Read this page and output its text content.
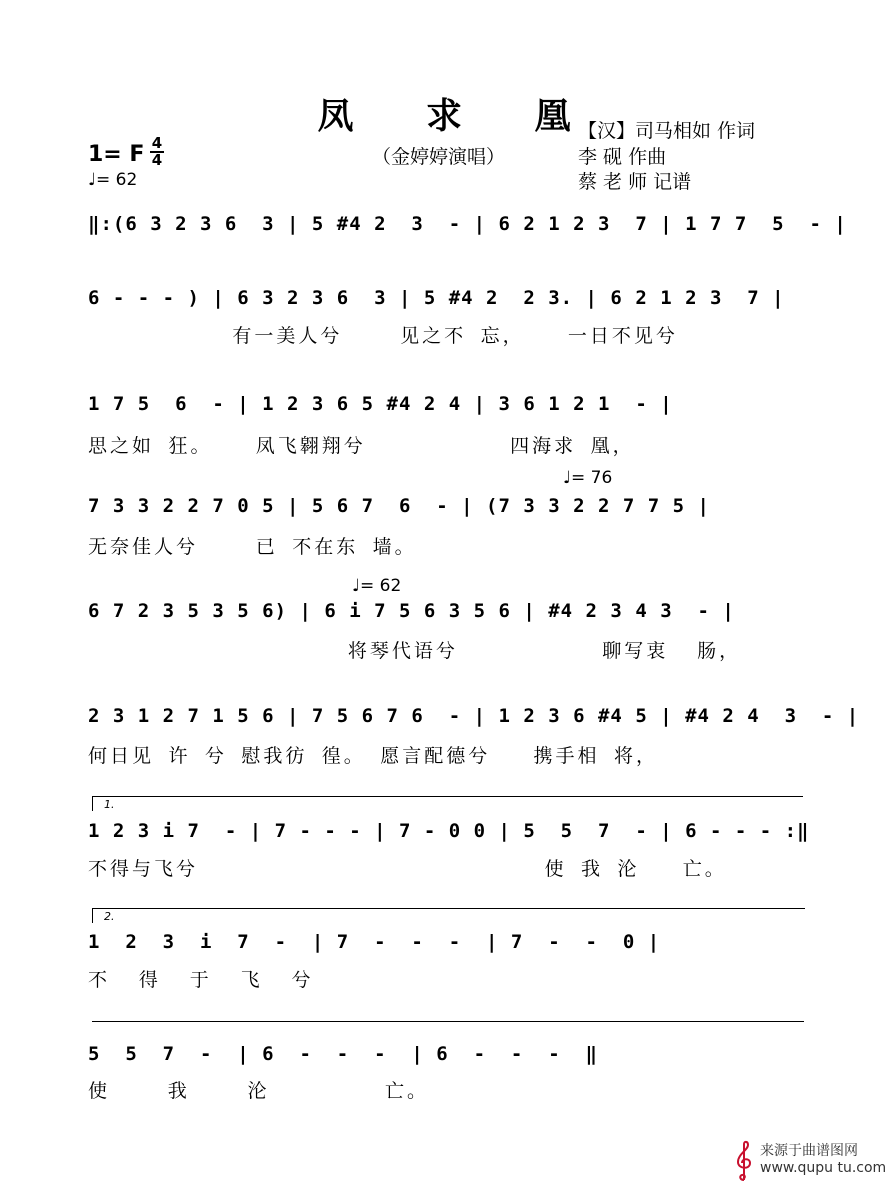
凤 求 凰
（金婷婷演唱）
【汉】司马相如 作词
李 砚 作曲
蔡 老 师 记谱
1= F 4
4
♩= 62
‖:(6 3 2 3 6  3 | 5 #4 2  3  - | 6 2 1 2 3  7 | 1 7 7  5  - |
6 - - - ) | 6 3 2 3 6  3 | 5 #4 2  2 3. | 6 2 1 2 3  7 |
有一美人兮    见之不 忘，   一日不见兮
1 7 5  6  - | 1 2 3 6 5 #4 2 4 | 3 6 1 2 1  - |
思之如 狂。   凤飞翱翔兮          四海求 凰，
♩= 76
7 3 3 2 2 7 0 5 | 5 6 7  6  - | (7 3 3 2 2 7 7 5 |
无奈佳人兮    已 不在东 墙。
♩= 62
6 7 2 3 5 3 5 6) | 6 i 7 5 6 3 5 6 | #4 2 3 4 3  - |
将琴代语兮          聊写衷  肠，
2 3 1 2 7 1 5 6 | 7 5 6 7 6  - | 1 2 3 6 #4 5 | #4 2 4  3  - |
何日见 许 兮 慰我彷 徨。 愿言配德兮   携手相 将，
1.
1 2 3 i 7  - | 7 - - - | 7 - 0 0 | 5  5  7  - | 6 - - - :‖
不得与飞兮                        使 我 沦   亡。
2.
1  2  3  i  7  -  | 7  -  -  -  | 7  -  -  0 |
不  得  于  飞  兮
5  5  7  -  | 6  -  -  -  | 6  -  -  -  ‖
使    我    沦        亡。
来源于曲谱图网
www.qupu tu.com
